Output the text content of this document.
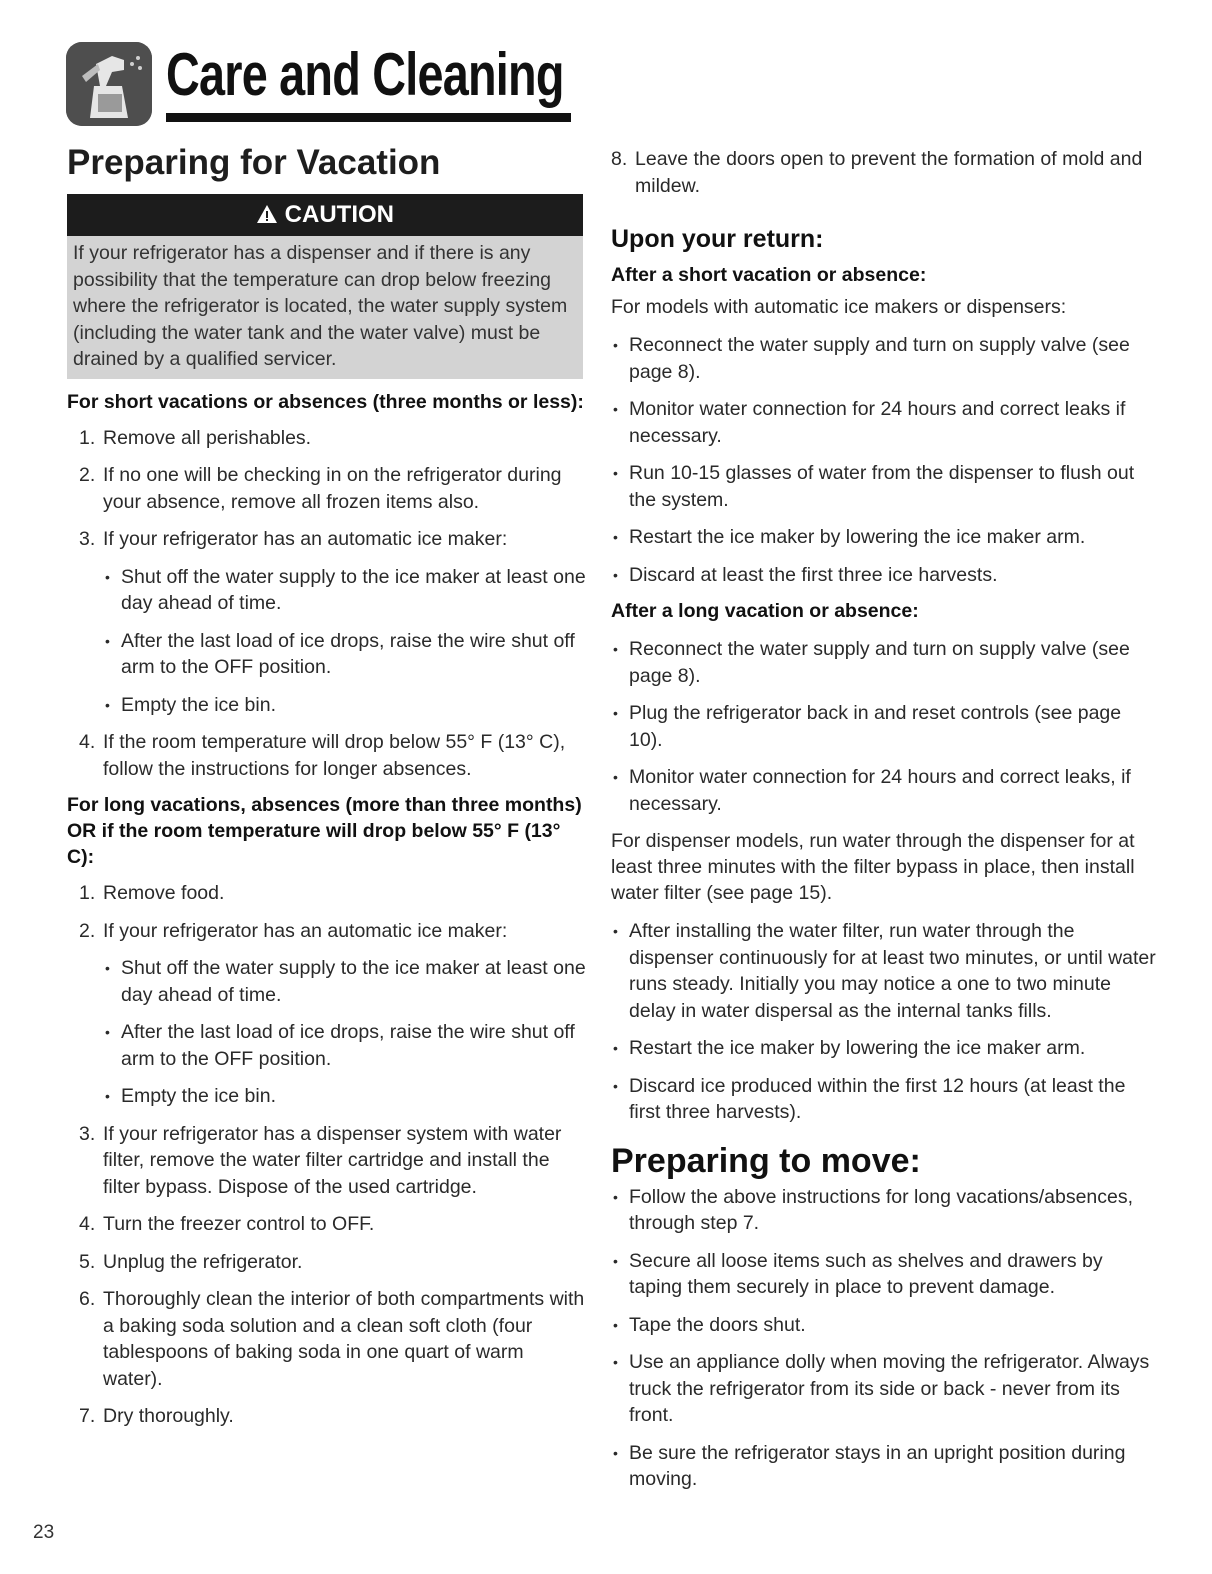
Care and Cleaning
Preparing for Vacation
CAUTION

If your refrigerator has a dispenser and if there is any possibility that the temperature can drop below freezing where the refrigerator is located, the water supply system (including the water tank and the water valve) must be drained by a qualified servicer.

For short vacations or absences (three months or less):

1. Remove all perishables.
2. If no one will be checking in on the refrigerator during your absence, remove all frozen items also.
3. If your refrigerator has an automatic ice maker:
• Shut off the water supply to the ice maker at least one day ahead of time.
• After the last load of ice drops, raise the wire shut off arm to the OFF position.
• Empty the ice bin.
4. If the room temperature will drop below 55° F (13° C), follow the instructions for longer absences.

For long vacations, absences (more than three months) OR if the room temperature will drop below 55° F (13° C):

1. Remove food.
2. If your refrigerator has an automatic ice maker:
• Shut off the water supply to the ice maker at least one day ahead of time.
• After the last load of ice drops, raise the wire shut off arm to the OFF position.
• Empty the ice bin.
3. If your refrigerator has a dispenser system with water filter, remove the water filter cartridge and install the filter bypass. Dispose of the used cartridge.
4. Turn the freezer control to OFF.
5. Unplug the refrigerator.
6. Thoroughly clean the interior of both compartments with a baking soda solution and a clean soft cloth (four tablespoons of baking soda in one quart of warm water).
7. Dry thoroughly.
8. Leave the doors open to prevent the formation of mold and mildew.
Upon your return:

After a short vacation or absence:

For models with automatic ice makers or dispensers:

• Reconnect the water supply and turn on supply valve (see page 8).
• Monitor water connection for 24 hours and correct leaks if necessary.
• Run 10-15 glasses of water from the dispenser to flush out the system.
• Restart the ice maker by lowering the ice maker arm.
• Discard at least the first three ice harvests.

After a long vacation or absence:

• Reconnect the water supply and turn on supply valve (see page 8).
• Plug the refrigerator back in and reset controls (see page 10).
• Monitor water connection for 24 hours and correct leaks, if necessary.

For dispenser models, run water through the dispenser for at least three minutes with the filter bypass in place, then install water filter (see page 15).

• After installing the water filter, run water through the dispenser continuously for at least two minutes, or until water runs steady. Initially you may notice a one to two minute delay in water dispersal as the internal tanks fills.
• Restart the ice maker by lowering the ice maker arm.
• Discard ice produced within the first 12 hours (at least the first three harvests).
Preparing to move:
• Follow the above instructions for long vacations/absences, through step 7.
• Secure all loose items such as shelves and drawers by taping them securely in place to prevent damage.
• Tape the doors shut.
• Use an appliance dolly when moving the refrigerator. Always truck the refrigerator from its side or back - never from its front.
• Be sure the refrigerator stays in an upright position during moving.
23
